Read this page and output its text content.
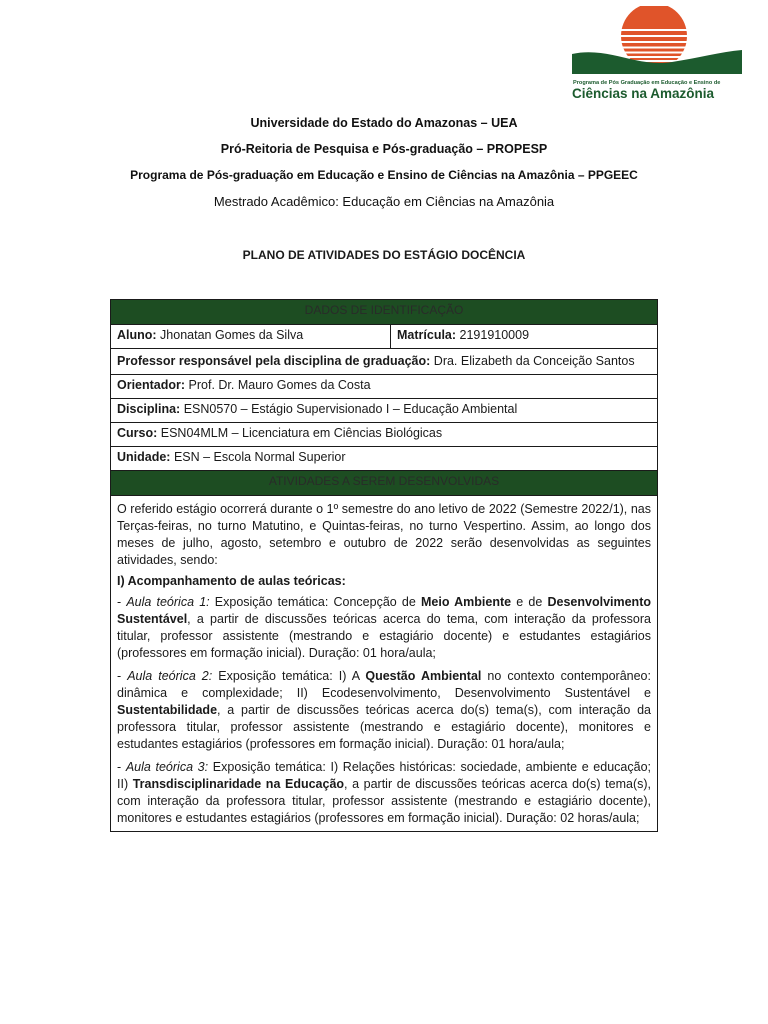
Programa de Pós Graduação em Educação e Ensino de
Ciências na Amazônia
Universidade do Estado do Amazonas – UEA
Pró-Reitoria de Pesquisa e Pós-graduação – PROPESP
Programa de Pós-graduação em Educação e Ensino de Ciências na Amazônia – PPGEEC
Mestrado Acadêmico: Educação em Ciências na Amazônia
PLANO DE ATIVIDADES DO ESTÁGIO DOCÊNCIA
DADOS DE IDENTIFICAÇÃO
Aluno: Jhonatan Gomes da Silva	Matrícula: 2191910009
Professor responsável pela disciplina de graduação: Dra. Elizabeth da Conceição Santos
Orientador: Prof. Dr. Mauro Gomes da Costa
Disciplina: ESN0570 – Estágio Supervisionado I – Educação Ambiental
Curso: ESN04MLM – Licenciatura em Ciências Biológicas
Unidade: ESN – Escola Normal Superior
ATIVIDADES A SEREM DESENVOLVIDAS

O referido estágio ocorrerá durante o 1º semestre do ano letivo de 2022 (Semestre 2022/1), nas Terças-feiras, no turno Matutino, e Quintas-feiras, no turno Vespertino. Assim, ao longo dos meses de julho, agosto, setembro e outubro de 2022 serão desenvolvidas as seguintes atividades, sendo:

I) Acompanhamento de aulas teóricas:

- Aula teórica 1: Exposição temática: Concepção de Meio Ambiente e de Desenvolvimento Sustentável, a partir de discussões teóricas acerca do tema, com interação da professora titular, professor assistente (mestrando e estagiário docente) e estudantes estagiários (professores em formação inicial). Duração: 01 hora/aula;

- Aula teórica 2: Exposição temática: I) A Questão Ambiental no contexto contemporâneo: dinâmica e complexidade; II) Ecodesenvolvimento, Desenvolvimento Sustentável e Sustentabilidade, a partir de discussões teóricas acerca do(s) tema(s), com interação da professora titular, professor assistente (mestrando e estagiário docente), monitores e estudantes estagiários (professores em formação inicial). Duração: 01 hora/aula;

- Aula teórica 3: Exposição temática: I) Relações históricas: sociedade, ambiente e educação; II) Transdisciplinaridade na Educação, a partir de discussões teóricas acerca do(s) tema(s), com interação da professora titular, professor assistente (mestrando e estagiário docente), monitores e estudantes estagiários (professores em formação inicial). Duração: 02 horas/aula;
